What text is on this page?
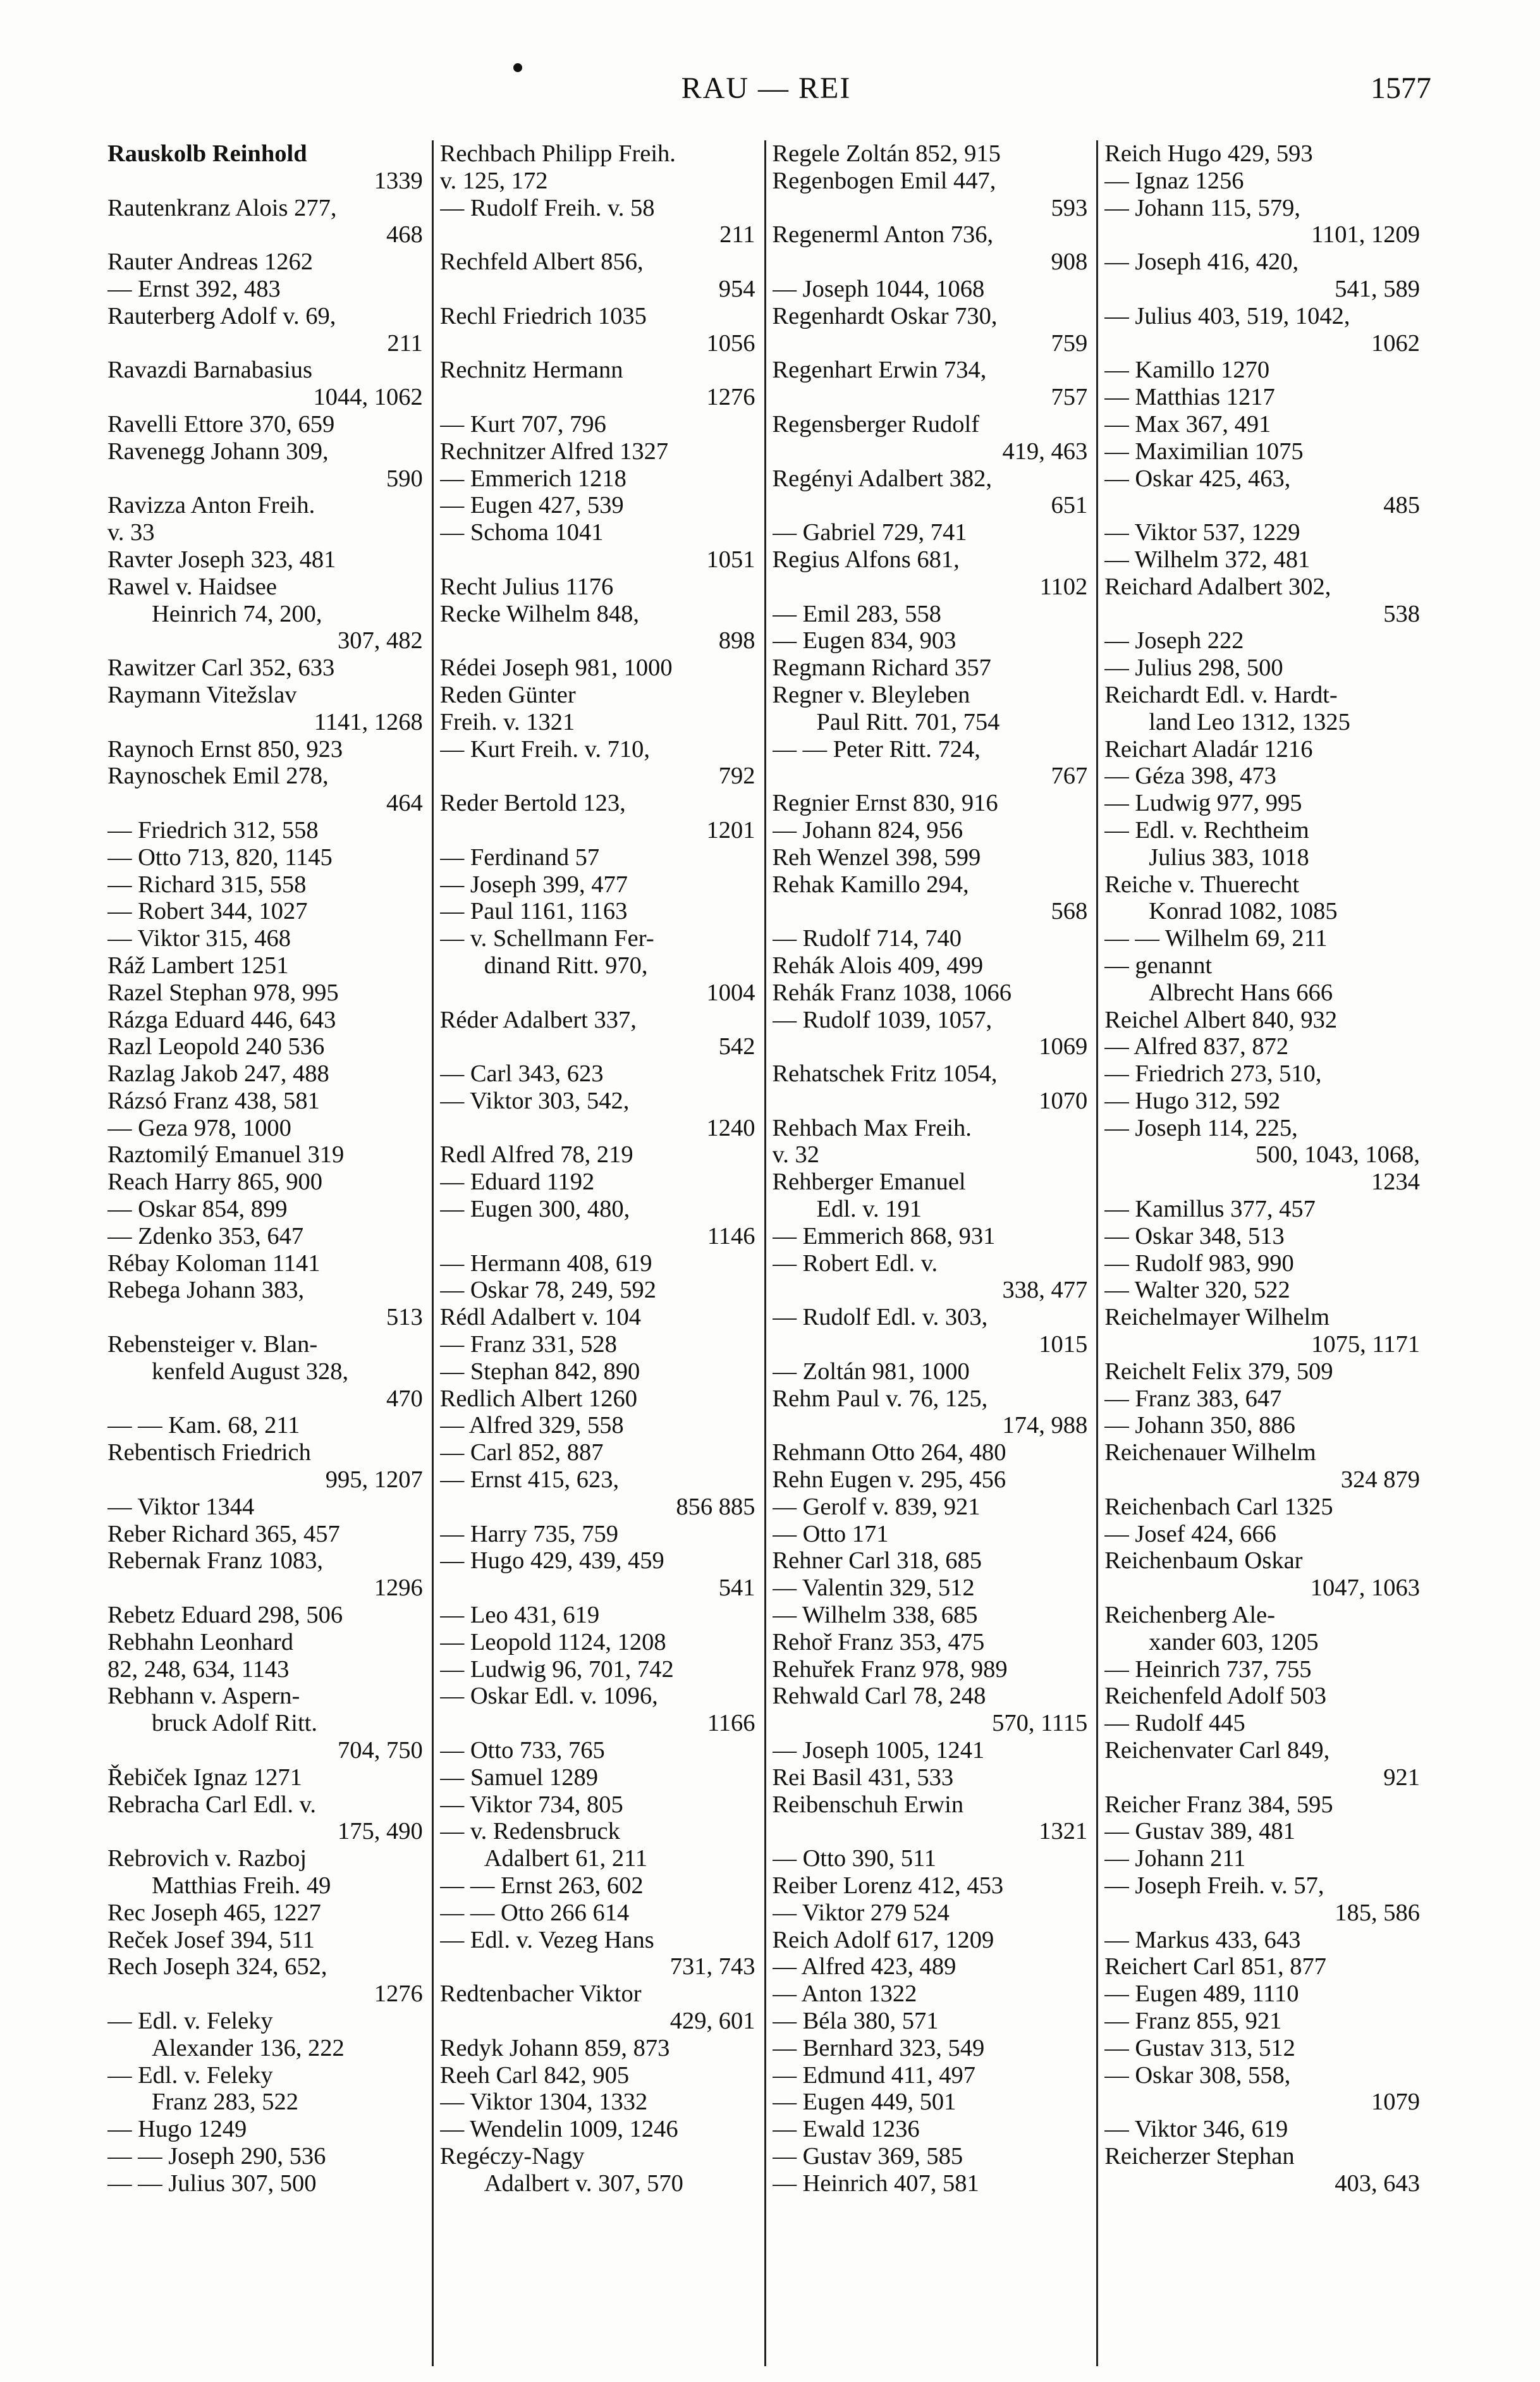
RAU — REI	1577
Rauskolb Reinhold
1339
Rautenkranz Alois 277,
468
Rauter Andreas 1262
— Ernst 392, 483
Rauterberg Adolf v. 69,
211
Ravazdi Barnabasius
1044, 1062
Ravelli Ettore 370, 659
Ravenegg Johann 309,
590
Ravizza Anton Freih.
v. 33
Ravter Joseph 323, 481
Rawel v. Haidsee
Heinrich 74, 200,
307, 482
Rawitzer Carl 352, 633
Raymann Vitežslav
1141, 1268
Raynoch Ernst 850, 923
Raynoschek Emil 278,
464
— Friedrich 312, 558
— Otto 713, 820, 1145
— Richard 315, 558
— Robert 344, 1027
— Viktor 315, 468
Ráž Lambert 1251
Razel Stephan 978, 995
Rázga Eduard 446, 643
Razl Leopold 240 536
Razlag Jakob 247, 488
Rázsó Franz 438, 581
— Geza 978, 1000
Raztomilý Emanuel 319
Reach Harry 865, 900
— Oskar 854, 899
— Zdenko 353, 647
Rébay Koloman 1141
Rebega Johann 383,
513
Rebensteiger v. Blan-
kenfeld August 328,
470
— — Kam. 68, 211
Rebentisch Friedrich
995, 1207
— Viktor 1344
Reber Richard 365, 457
Rebernak Franz 1083,
1296
Rebetz Eduard 298, 506
Rebhahn Leonhard
82, 248, 634, 1143
Rebhann v. Aspern-
bruck Adolf Ritt.
704, 750
Řebiček Ignaz 1271
Rebracha Carl Edl. v.
175, 490
Rebrovich v. Razboj
Matthias Freih. 49
Rec Joseph 465, 1227
Reček Josef 394, 511
Rech Joseph 324, 652,
1276
— Edl. v. Feleky
Alexander 136, 222
— Edl. v. Feleky
Franz 283, 522
— Hugo 1249
— — Joseph 290, 536
— — Julius 307, 500
Rechbach Philipp Freih.
v. 125, 172
— Rudolf Freih. v. 58
211
Rechfeld Albert 856,
954
Rechl Friedrich 1035
1056
Rechnitz Hermann
1276
— Kurt 707, 796
Rechnitzer Alfred 1327
— Emmerich 1218
— Eugen 427, 539
— Schoma 1041
1051
Recht Julius 1176
Recke Wilhelm 848,
898
Rédei Joseph 981, 1000
Reden Günter
Freih. v. 1321
— Kurt Freih. v. 710,
792
Reder Bertold 123,
1201
— Ferdinand 57
— Joseph 399, 477
— Paul 1161, 1163
— v. Schellmann Fer-
dinand Ritt. 970,
1004
Réder Adalbert 337,
542
— Carl 343, 623
— Viktor 303, 542,
1240
Redl Alfred 78, 219
— Eduard 1192
— Eugen 300, 480,
1146
— Hermann 408, 619
— Oskar 78, 249, 592
Rédl Adalbert v. 104
— Franz 331, 528
— Stephan 842, 890
Redlich Albert 1260
— Alfred 329, 558
— Carl 852, 887
— Ernst 415, 623,
856 885
— Harry 735, 759
— Hugo 429, 439, 459
541
— Leo 431, 619
— Leopold 1124, 1208
— Ludwig 96, 701, 742
— Oskar Edl. v. 1096,
1166
— Otto 733, 765
— Samuel 1289
— Viktor 734, 805
— v. Redensbruck
Adalbert 61, 211
— — Ernst 263, 602
— — Otto 266 614
— Edl. v. Vezeg Hans
731, 743
Redtenbacher Viktor
429, 601
Redyk Johann 859, 873
Reeh Carl 842, 905
— Viktor 1304, 1332
— Wendelin 1009, 1246
Regéczy-Nagy
Adalbert v. 307, 570
Regele Zoltán 852, 915
Regenbogen Emil 447,
593
Regenerml Anton 736,
908
— Joseph 1044, 1068
Regenhardt Oskar 730,
759
Regenhart Erwin 734,
757
Regensberger Rudolf
419, 463
Regényi Adalbert 382,
651
— Gabriel 729, 741
Regius Alfons 681,
1102
— Emil 283, 558
— Eugen 834, 903
Regmann Richard 357
Regner v. Bleyleben
Paul Ritt. 701, 754
— — Peter Ritt. 724,
767
Regnier Ernst 830, 916
— Johann 824, 956
Reh Wenzel 398, 599
Rehak Kamillo 294,
568
— Rudolf 714, 740
Rehák Alois 409, 499
Rehák Franz 1038, 1066
— Rudolf 1039, 1057,
1069
Rehatschek Fritz 1054,
1070
Rehbach Max Freih.
v. 32
Rehberger Emanuel
Edl. v. 191
— Emmerich 868, 931
— Robert Edl. v.
338, 477
— Rudolf Edl. v. 303,
1015
— Zoltán 981, 1000
Rehm Paul v. 76, 125,
174, 988
Rehmann Otto 264, 480
Rehn Eugen v. 295, 456
— Gerolf v. 839, 921
— Otto 171
Rehner Carl 318, 685
— Valentin 329, 512
— Wilhelm 338, 685
Rehoř Franz 353, 475
Rehuřek Franz 978, 989
Rehwald Carl 78, 248
570, 1115
— Joseph 1005, 1241
Rei Basil 431, 533
Reibenschuh Erwin
1321
— Otto 390, 511
Reiber Lorenz 412, 453
— Viktor 279 524
Reich Adolf 617, 1209
— Alfred 423, 489
— Anton 1322
— Béla 380, 571
— Bernhard 323, 549
— Edmund 411, 497
— Eugen 449, 501
— Ewald 1236
— Gustav 369, 585
— Heinrich 407, 581
Reich Hugo 429, 593
— Ignaz 1256
— Johann 115, 579,
1101, 1209
— Joseph 416, 420,
541, 589
— Julius 403, 519, 1042,
1062
— Kamillo 1270
— Matthias 1217
— Max 367, 491
— Maximilian 1075
— Oskar 425, 463,
485
— Viktor 537, 1229
— Wilhelm 372, 481
Reichard Adalbert 302,
538
— Joseph 222
— Julius 298, 500
Reichardt Edl. v. Hardt-
land Leo 1312, 1325
Reichart Aladár 1216
— Géza 398, 473
— Ludwig 977, 995
— Edl. v. Rechtheim
Julius 383, 1018
Reiche v. Thuerecht
Konrad 1082, 1085
— — Wilhelm 69, 211
— genannt
Albrecht Hans 666
Reichel Albert 840, 932
— Alfred 837, 872
— Friedrich 273, 510,
— Hugo 312, 592
— Joseph 114, 225,
500, 1043, 1068,
1234
— Kamillus 377, 457
— Oskar 348, 513
— Rudolf 983, 990
— Walter 320, 522
Reichelmayer Wilhelm
1075, 1171
Reichelt Felix 379, 509
— Franz 383, 647
— Johann 350, 886
Reichenauer Wilhelm
324 879
Reichenbach Carl 1325
— Josef 424, 666
Reichenbaum Oskar
1047, 1063
Reichenberg Ale-
xander 603, 1205
— Heinrich 737, 755
Reichenfeld Adolf 503
— Rudolf 445
Reichenvater Carl 849,
921
Reicher Franz 384, 595
— Gustav 389, 481
— Johann 211
— Joseph Freih. v. 57,
185, 586
— Markus 433, 643
Reichert Carl 851, 877
— Eugen 489, 1110
— Franz 855, 921
— Gustav 313, 512
— Oskar 308, 558,
1079
— Viktor 346, 619
Reicherzer Stephan
403, 643
